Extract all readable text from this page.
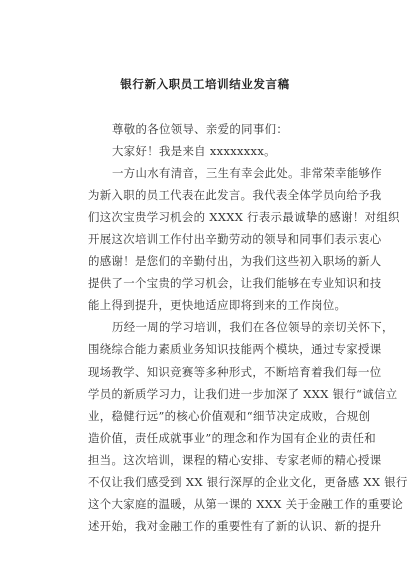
银行新入职员工培训结业发言稿
尊敬的各位领导、亲爱的同事们：
大家好！我是来自 xxxxxxxx。
一方山水有清音，三生有幸会此处。非常荣幸能够作
为新入职的员工代表在此发言。我代表全体学员向给予我
们这次宝贵学习机会的 XXXX 行表示最诚挚的感谢！对组织
开展这次培训工作付出辛勤劳动的领导和同事们表示衷心
的感谢！是您们的辛勤付出，为我们这些初入职场的新人
提供了一个宝贵的学习机会，让我们能够在专业知识和技
能上得到提升，更快地适应即将到来的工作岗位。
历经一周的学习培训，我们在各位领导的亲切关怀下，
围绕综合能力素质业务知识技能两个模块，通过专家授课
现场教学、知识竞赛等多种形式，不断培育着我们每一位
学员的新质学习力，让我们进一步加深了 XXX 银行“诚信立
业，稳健行远”的核心价值观和“细节决定成败，合规创
造价值，责任成就事业”的理念和作为国有企业的责任和
担当。这次培训，课程的精心安排、专家老师的精心授课
不仅让我们感受到 XX 银行深厚的企业文化，更备感 XX 银行
这个大家庭的温暖，从第一课的 XXX 关于金融工作的重要论
述开始，我对金融工作的重要性有了新的认识、新的提升
